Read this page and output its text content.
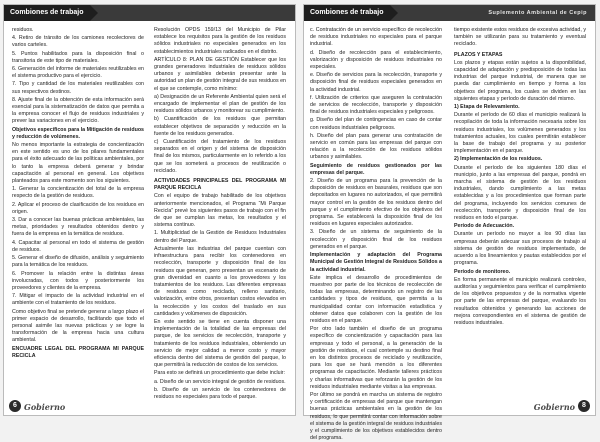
Combiones de trabajo

residuos.

4. Retiro de tránsito de los camiones recolectores de varios carteles.

5. Puntos habilitados para la disposición final o transitoria de este tipo de materiales.

6. Generación del informe de materiales reutilizables en el sistema productivo para el ejercicio.

7. Tipo y cantidad de los materiales reutilizables con sus respectivos destinos.

8. Ajuste final de la obtención de esta información será esencial para la sistematización de datos que permita a la empresa conocer el flujo de residuos industriales y prever las variaciones en el ejercicio.

Objetivos específicos para la Mitigación de residuos y reducción de volúmenes.

No menos importante la estrategia de concientización en este sentido es uno de los pilares fundamentales para el éxito adecuado de las políticas ambientales, por lo tanto la empresa deberá generar y brindar capacitación al personal en general. Los objetivos planteados para este momento son los siguientes.

1. Generar la concientización del total de la empresa respecto de la gestión de residuos.

2. Aplicar el proceso de clasificación de los residuos en origen.

3. Dar a conocer las buenas prácticas ambientales, las metas, prioridades y resultados obtenidos dentro y fuera de la empresa en la temática de residuos.

4. Capacitar al personal en todo el sistema de gestión de residuos.

5. Generar el diseño de difusión, análisis y seguimiento para la temática de los residuos.

6. Promover la relación entre la distintas áreas involucradas, con todos y posteriormente los proveedores y clientes de la empresa.

7. Mitigar el impacto de la actividad industrial en el ambiente con el tratamiento de los residuos.

Como objetivo final se pretende generar a largo plazo el primer espacio de desarrollo, facilitando que todo el personal asimile las nuevas prácticas y se logre la transformación de la empresa hacia una cultura ambiental.

ENCUADRE LEGAL DEL PROGRAMA MI PARQUE RECICLA

Resolución OPDS 159/13 del Municipio de Pilar establece los requisitos para la gestión de los residuos sólidos industriales no especiales generados en los establecimientos industriales radicados en el distrito.

ARTÍCULO 8: PLAN DE GESTIÓN Establecer que los grandes generadores industriales de residuos sólidos urbanos y asimilables deberán presentar ante la autoridad un plan de gestión integral de sus residuos en el que se contemple, como mínimo:

a) Designación de un Referente Ambiental quien será el encargado de implementar el plan de gestión de los residuos sólidos urbanos y monitorear su cumplimiento.

b) Cuantificación de los residuos que permitan establecer objetivos de separación y reducción en la fuente de los residuos generados.

c) Cuantificación del tratamiento de los residuos separados en el origen y del sistema de disposición final de los mismos, particularmente en lo referido a los que se los someterá a procesos de reutilización o reciclado.

ACTIVIDADES PRINCIPALES DEL PROGRAMA MI PARQUE RECICLA

Con el equipo de trabajo habilitado de los objetivos anteriormente mencionados, el Programa “Mi Parque Recicla” prevé los siguientes pasos de trabajo con el fin de que se cumplan las metas, los resultados y el sistema continuo.

1. Multiplicidad de la Gestión de Residuos Industriales dentro del Parque.

Actualmente las industrias del parque cuentan con infraestructura para recibir los contenedores en recolección, transporte y disposición final de los residuos que generan, pero presentan un escenario de gran diversidad en cuanto a los proveedores y los tratamientos de los residuos. Las diferentes empresas de residuos como reciclado, relleno sanitario, valorización, entre otros, presentan costos elevados en la recolección y los costos del traslado en sus cantidades y volúmenes de disposición.

En este sentido se tiene en cuenta disponer una implementación de la totalidad de las empresas del parque, de los servicios de recolección, transporte y tratamiento de los residuos industriales, obteniendo un servicio de mejor calidad a menor costo y mayor eficiencia dentro del sistema de gestión del parque, lo que permitirá la reducción de costos de los servicios.

Para esto se definirá un procedimiento que debe incluir:

a. Diseño de un servicio integral de gestión de residuos.

b. Diseño de un servicio de los contenedores de residuos no especiales para todo el parque.

6 Gobierno
Combiones de trabajo	Suplemento Ambiental de Cepip

c. Contratación de un servicio específico de recolección de residuos industriales no especiales para el parque industrial.

d. Diseño de recolección para el establecimiento, valorización y disposición de residuos industriales no especiales.

e. Diseño de servicios para la recolección, transporte y disposición final de residuos especiales generados en la actividad industrial.

f. Utilización de criterios que aseguren la contratación de servicios de recolección, transporte y disposición final de residuos industriales especiales y peligrosos.

g. Diseño del plan de contingencias en caso de contar con residuos industriales peligrosos.

h. Diseño del plan para generar una contratación de servicio en común para las empresas del parque con relación a la recolección de los residuos sólidos urbanos y asimilables.

Seguimiento de residuos gestionados por las empresas del parque.

2. Diseño de un programa para la prevención de la disposición de residuos en basurales, residuos que son depositados en lugares no autorizados, el que permitirá mayor control en la gestión de los residuos dentro del parque y el cumplimiento efectivo de los objetivos del programa. Se establecerá la disposición final de los residuos en lugares especiales autorizados.

3. Diseño de un sistema de seguimiento de la recolección y disposición final de los residuos generados en el parque.

Implementación y adaptación del Programa Municipal de Gestión Integral de Residuos Sólidos a la actividad industrial.

Este implica el desarrollo de procedimientos de muestreo por parte de los técnicos de recolección de todas las empresas, determinando un registro de las cantidades y tipos de residuos, que permita a la municipalidad contar con información estadística y obtener datos que colaboren con la gestión de los residuos en el parque.

Por otro lado también el diseño de un programa específico de concientización y capacitación para las empresas y todo el personal, a la generación de la gestión de residuos, el cual contemple su destino final en los distintos procesos de reciclado y reutilización, para los que se hará mención a los diferentes programas de capacitación. Mediante talleres prácticos y charlas informativas que reforzarán la gestión de los residuos industriales mediante visitas a las empresas.

Por último se pondrá en marcha un sistema de registro y certificación de empresas del parque que mantengan buenas prácticas ambientales en la gestión de los residuos, lo que permitirá contar con información sobre el sistema de la gestión integral de residuos industriales y el cumplimiento de los objetivos establecidos dentro del programa.

tiempo existente estos residuos de excesiva actividad, y también se utilizarán para su tratamiento y eventual reciclado.

PLAZOS Y ETAPAS

Los plazos y etapas están sujetos a la disponibilidad, capacidad de adaptación y predisposición de todas las industrias del parque industrial, de manera que se pueda dar cumplimiento en tiempo y forma a los objetivos del programa, los cuales se dividen en las siguientes etapas y período de duración del mismo.

1) Etapa de Relevamiento.

Durante el período de 60 días el municipio realizará la recopilación de toda la información necesaria sobre los residuos industriales, los volúmenes generados y los tratamientos actuales, los cuales permitirán establecer la base de trabajo del programa y su posterior implementación en el parque.

2) Implementación de los residuos.

Durante el período de los siguientes 180 días el municipio, junto a las empresas del parque, pondrá en marcha el sistema de gestión de los residuos industriales, dando cumplimiento a las metas establecidas y a los procedimientos que forman parte del programa, incluyendo los servicios comunes de recolección, transporte y disposición final de los residuos en todo el parque.

Período de Adecuación.

Durante un período no mayor a los 90 días las empresas deberán adecuar sus procesos de trabajo al sistema de gestión de residuos implementado, de acuerdo a los lineamientos y pautas establecidos por el programa.

Período de monitoreo.

En forma permanente el municipio realizará controles, auditorías y seguimientos para verificar el cumplimiento de los objetivos propuestos y de la normativa vigente por parte de las empresas del parque, evaluando los resultados obtenidos y generando las acciones de mejora correspondientes en el sistema de gestión de residuos industriales.

Gobierno	8
